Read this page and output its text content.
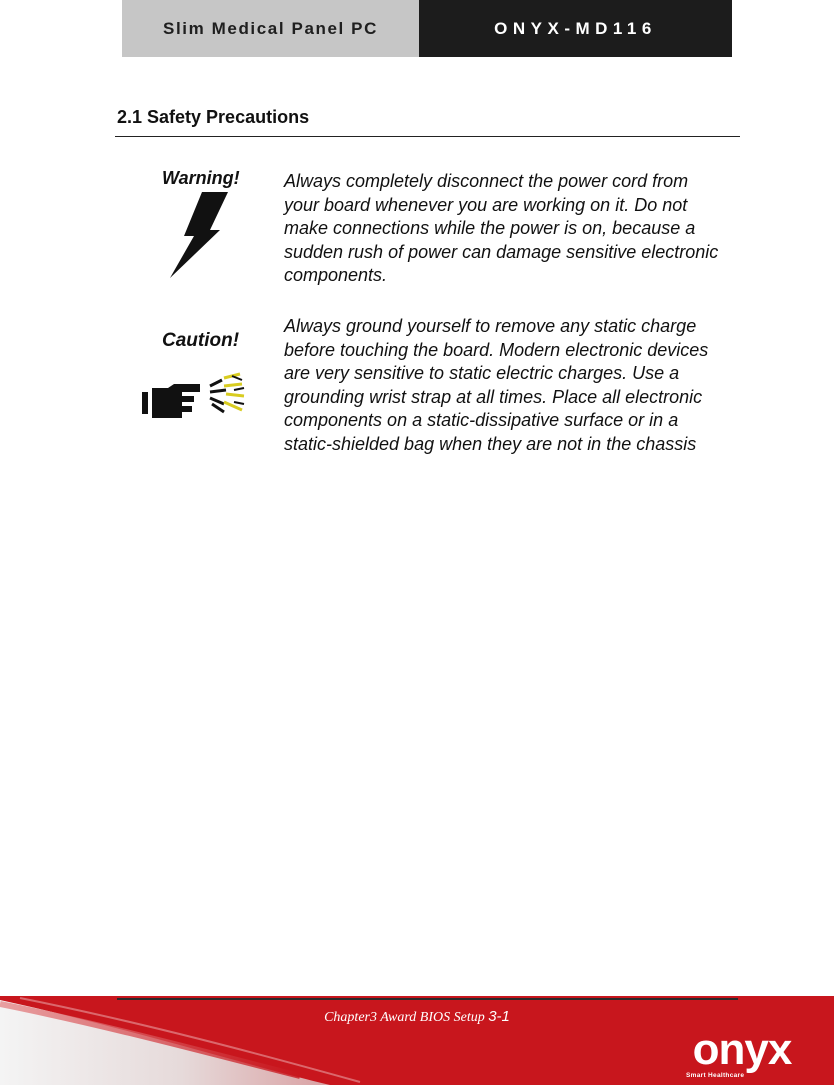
Slim Medical Panel PC	ONYX-MD116
2.1 Safety Precautions
Warning! Always completely disconnect the power cord from your board whenever you are working on it. Do not make connections while the power is on, because a sudden rush of power can damage sensitive electronic components.

Caution!

Always ground yourself to remove any static charge before touching the board. Modern electronic devices are very sensitive to static electric charges. Use a grounding wrist strap at all times. Place all electronic components on a static-dissipative surface or in a static-shielded bag when they are not in the chassis

Chapter3 Award BIOS Setup 3-1
onyx
Smart Healthcare
